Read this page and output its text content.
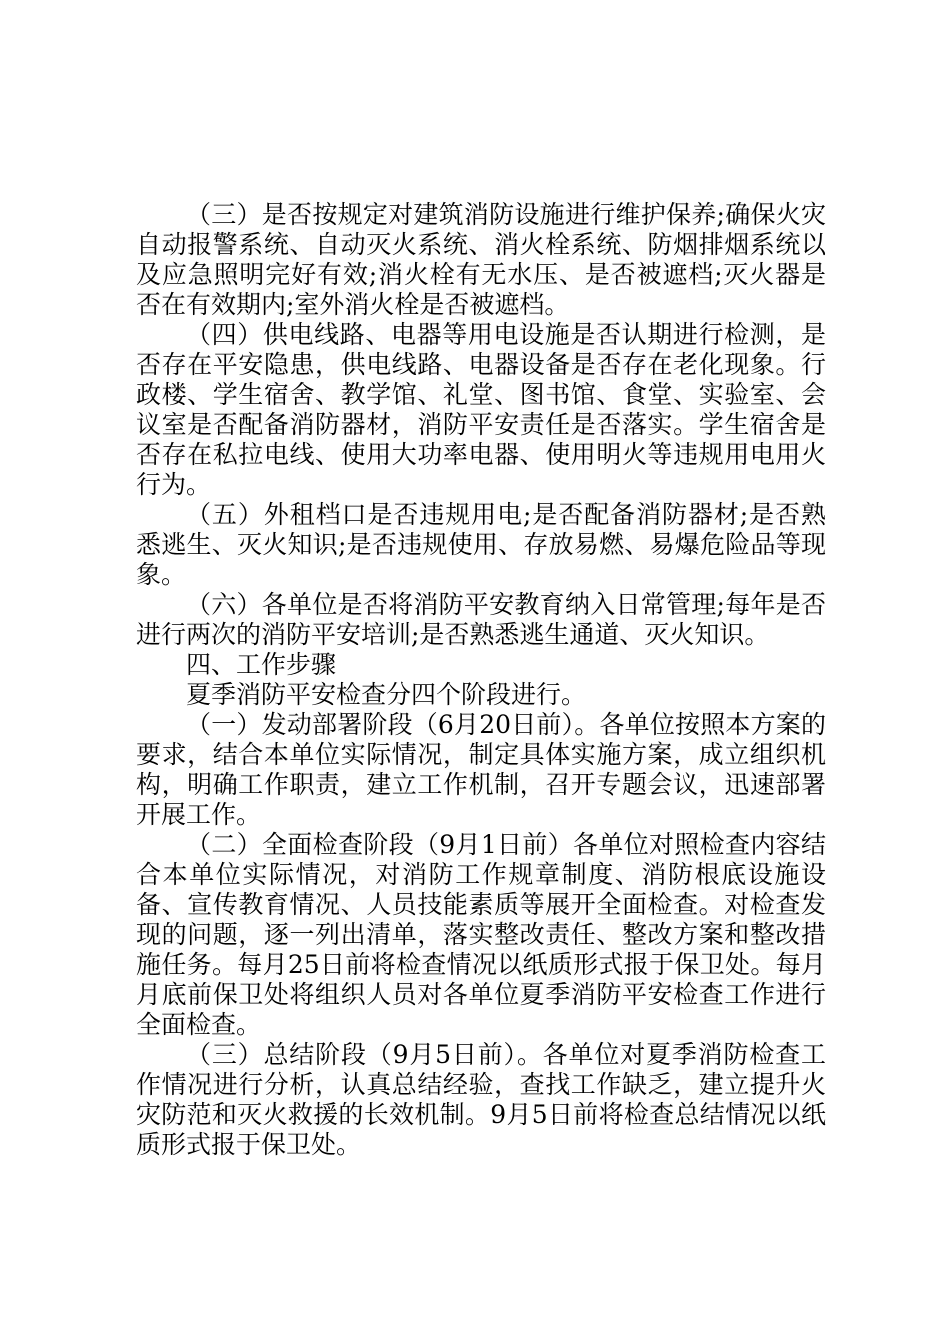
（三）是否按规定对建筑消防设施进行维护保养;确保火灾自动报警系统、自动灭火系统、消火栓系统、防烟排烟系统以及应急照明完好有效;消火栓有无水压、是否被遮档;灭火器是否在有效期内;室外消火栓是否被遮档。

（四）供电线路、电器等用电设施是否认期进行检测，是否存在平安隐患，供电线路、电器设备是否存在老化现象。行政楼、学生宿舍、教学馆、礼堂、图书馆、食堂、实验室、会议室是否配备消防器材，消防平安责任是否落实。学生宿舍是否存在私拉电线、使用大功率电器、使用明火等违规用电用火行为。

（五）外租档口是否违规用电;是否配备消防器材;是否熟悉逃生、灭火知识;是否违规使用、存放易燃、易爆危险品等现象。

（六）各单位是否将消防平安教育纳入日常管理;每年是否进行两次的消防平安培训;是否熟悉逃生通道、灭火知识。

四、工作步骤

夏季消防平安检查分四个阶段进行。

（一）发动部署阶段（6月20日前）。各单位按照本方案的要求，结合本单位实际情况，制定具体实施方案，成立组织机构，明确工作职责，建立工作机制，召开专题会议，迅速部署开展工作。

（二）全面检查阶段（9月1日前）各单位对照检查内容结合本单位实际情况，对消防工作规章制度、消防根底设施设备、宣传教育情况、人员技能素质等展开全面检查。对检查发现的问题，逐一列出清单，落实整改责任、整改方案和整改措施任务。每月25日前将检查情况以纸质形式报于保卫处。每月月底前保卫处将组织人员对各单位夏季消防平安检查工作进行全面检查。

（三）总结阶段（9月5日前）。各单位对夏季消防检查工作情况进行分析，认真总结经验，查找工作缺乏，建立提升火灾防范和灭火救援的长效机制。9月5日前将检查总结情况以纸质形式报于保卫处。
